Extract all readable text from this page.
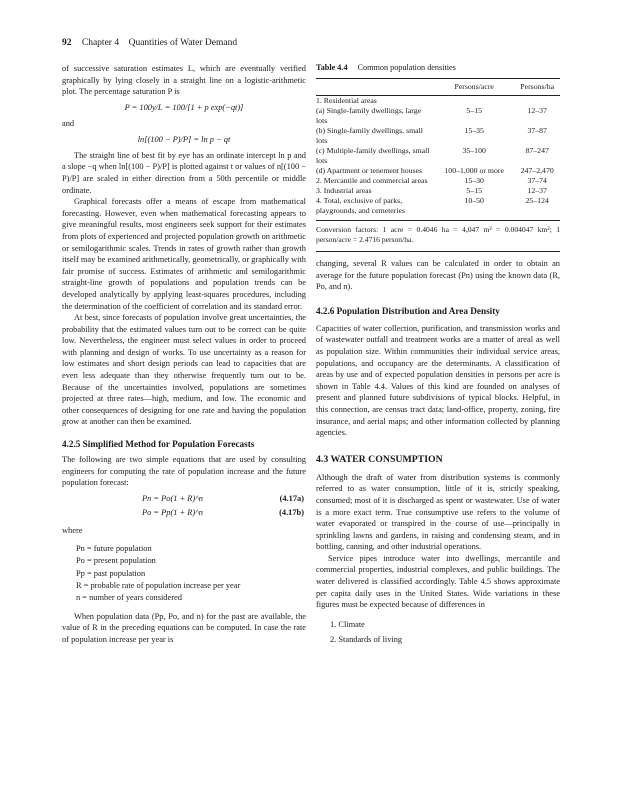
92 Chapter 4 Quantities of Water Demand

of successive saturation estimates L, which are eventually verified graphically by lying closely in a straight line on a logistic-arithmetic plot. The percentage saturation P is

P = 100y/L = 100/[1 + p exp(−qt)]
and
ln[(100 − P)/P] = ln p − qt

The straight line of best fit by eye has an ordinate intercept ln p and a slope −q when ln[(100 − P)/P] is plotted against t or values of n[(100 − P)/P] are scaled in either direction from a 50th percentile or middle ordinate.

Graphical forecasts offer a means of escape from mathematical forecasting. However, even when mathematical forecasting appears to give meaningful results, most engineers seek support for their estimates from plots of experienced and projected population growth on arithmetic or semilogarithmic scales. Trends in rates of growth rather than growth itself may be examined arithmetically, geometrically, or graphically with fair promise of success. Estimates of arithmetic and semilogarithmic straight-line growth of populations and population trends can be developed analytically by applying least-squares procedures, including the determination of the coefficient of correlation and its standard error.

At best, since forecasts of population involve great uncertainties, the probability that the estimated values turn out to be correct can be quite low. Nevertheless, the engineer must select values in order to proceed with planning and design of works. To use uncertainty as a reason for low estimates and short design periods can lead to capacities that are even less adequate than they otherwise frequently turn out to be. Because of the uncertainties involved, populations are sometimes projected at three rates—high, medium, and low. The economic and other consequences of designing for one rate and having the population grow at another can then be examined.

4.2.5 Simplified Method for Population Forecasts

The following are two simple equations that are used by consulting engineers for computing the rate of population increase and the future population forecast:

Pn = Po(1 + R)^n	(4.17a)
Po = Pp(1 + R)^n	(4.17b)
where
Pn = future population
Po = present population
Pp = past population
R = probable rate of population increase per year
n = number of years considered

When population data (Pp, Po, and n) for the past are available, the value of R in the preceding equations can be computed. In case the rate of population increase per year is

Table 4.4 Common population densities
	Persons/acre	Persons/ha
1. Residential areas		
(a) Single-family dwellings, large lots	5–15	12–37
(b) Single-family dwellings, small lots	15–35	37–87
(c) Multiple-family dwellings, small lots	35–100	87–247
(d) Apartment or tenement houses	100–1,000 or more	247–2,470
2. Mercantile and commercial areas	15–30	37–74
3. Industrial areas	5–15	12–37
4. Total, exclusive of parks, playgrounds, and cemeteries	10–50	25–124
Conversion factors: 1 acre = 0.4046 ha = 4,047 m² = 0.004047 km²; 1 person/acre = 2.4716 person/ha.

changing, several R values can be calculated in order to obtain an average for the future population forecast (Pn) using the known data (R, Po, and n).

4.2.6 Population Distribution and Area Density

Capacities of water collection, purification, and transmission works and of wastewater outfall and treatment works are a matter of areal as well as population size. Within communities their individual service areas, populations, and occupancy are the determinants. A classification of areas by use and of expected population densities in persons per acre is shown in Table 4.4. Values of this kind are founded on analyses of present and planned future subdivisions of typical blocks. Helpful, in this connection, are census tract data; land-office, property, zoning, fire insurance, and aerial maps; and other information collected by planning agencies.

4.3 WATER CONSUMPTION

Although the draft of water from distribution systems is commonly referred to as water consumption, little of it is, strictly speaking, consumed; most of it is discharged as spent or wastewater. Use of water is a more exact term. True consumptive use refers to the volume of water evaporated or transpired in the course of use—principally in sprinkling lawns and gardens, in raising and condensing steam, and in bottling, canning, and other industrial operations.

Service pipes introduce water into dwellings, mercantile and commercial properties, industrial complexes, and public buildings. The water delivered is classified accordingly. Table 4.5 shows approximate per capita daily uses in the United States. Wide variations in these figures must be expected because of differences in

1. Climate
2. Standards of living
